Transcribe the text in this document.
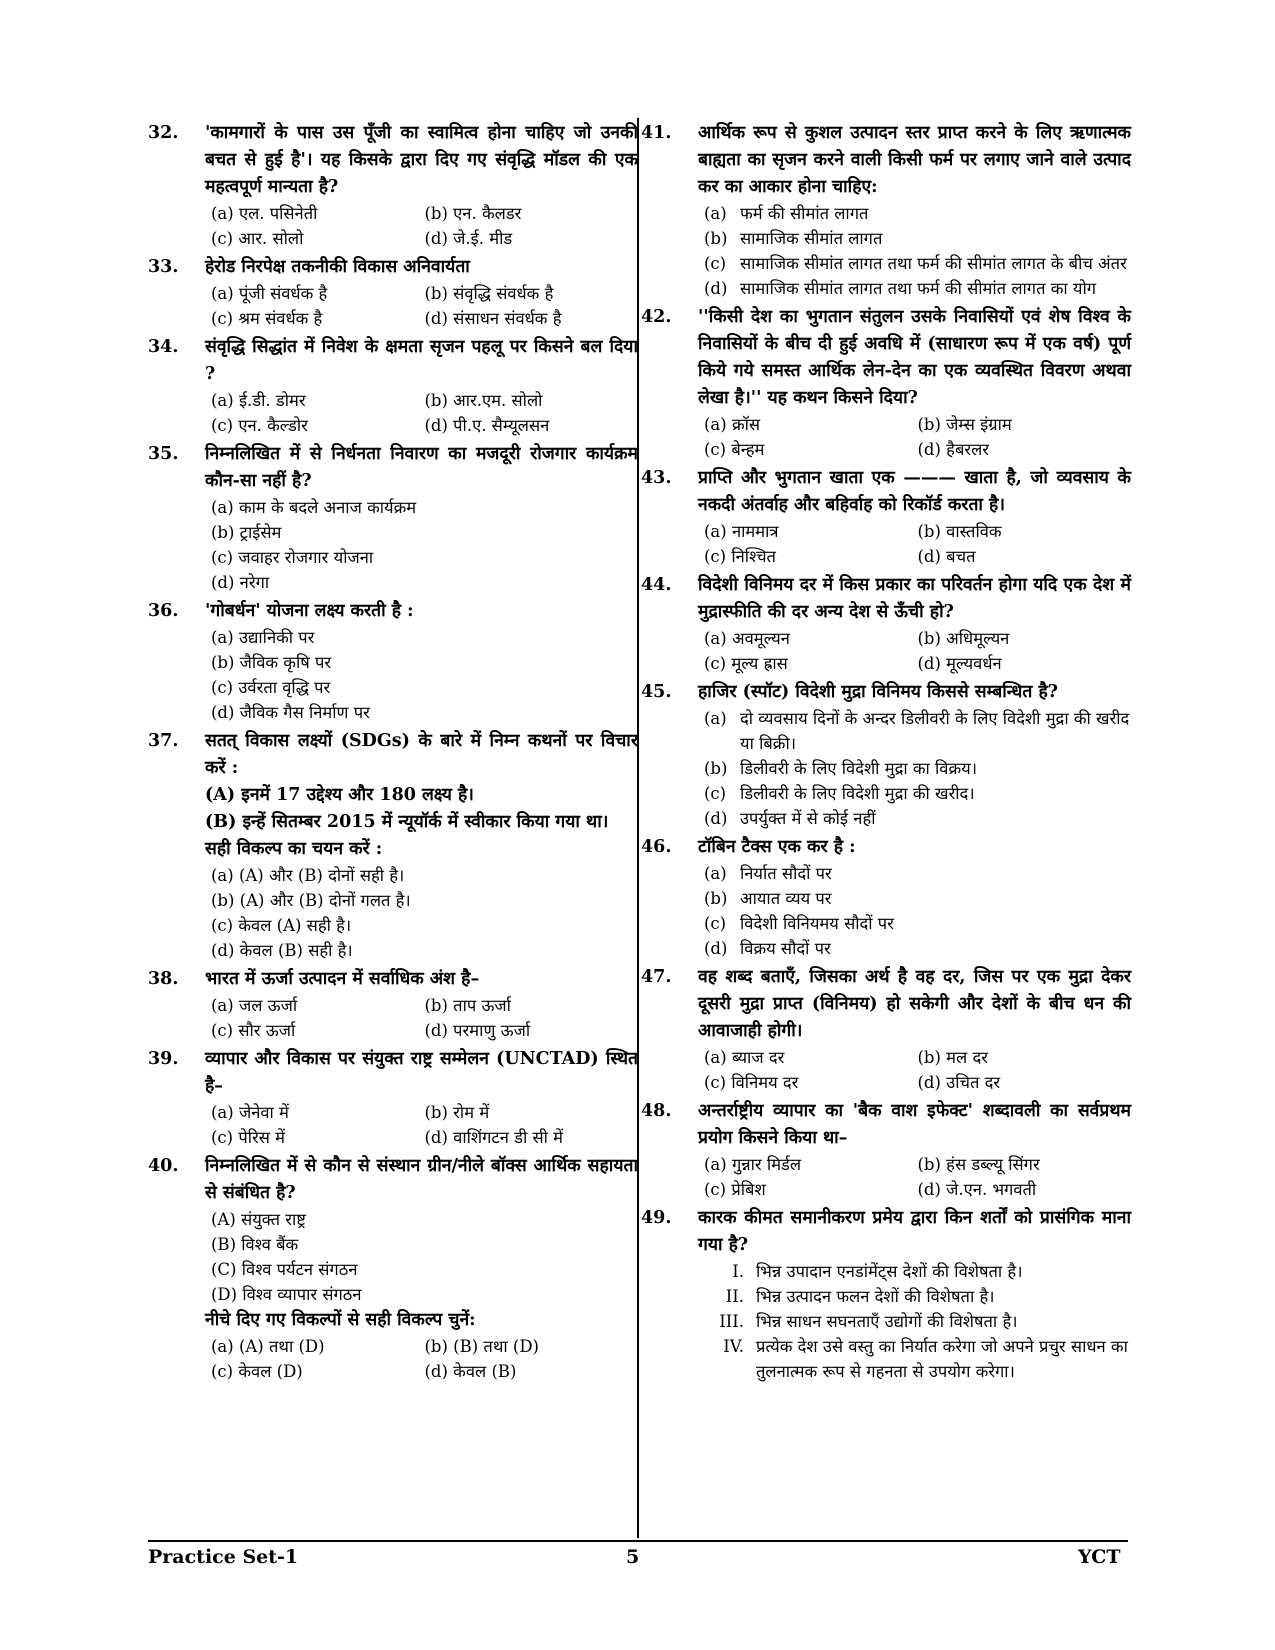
32. 'कामगारों के पास उस पूँजी का स्वामित्व होना चाहिए जो उनकी बचत से हुई है'। यह किसके द्वारा दिए गए संवृद्धि मॉडल की एक महत्वपूर्ण मान्यता है?
(a) एल. पसिनेती	(b) एन. कैलडर
(c) आर. सोलो	(d) जे.ई. मीड
33. हेरोड निरपेक्ष तकनीकी विकास अनिवार्यता
(a) पूंजी संवर्धक है	(b) संवृद्धि संवर्धक है
(c) श्रम संवर्धक है	(d) संसाधन संवर्धक है
34. संवृद्धि सिद्धांत में निवेश के क्षमता सृजन पहलू पर किसने बल दिया ?
(a) ई.डी. डोमर	(b) आर.एम. सोलो
(c) एन. कैल्डोर	(d) पी.ए. सैम्यूलसन
35. निम्नलिखित में से निर्धनता निवारण का मजदूरी रोजगार कार्यक्रम कौन-सा नहीं है?
(a) काम के बदले अनाज कार्यक्रम
(b) ट्राईसेम
(c) जवाहर रोजगार योजना
(d) नरेगा
36. 'गोबर्धन' योजना लक्ष्य करती है :
(a) उद्यानिकी पर
(b) जैविक कृषि पर
(c) उर्वरता वृद्धि पर
(d) जैविक गैस निर्माण पर
37. सतत् विकास लक्ष्यों (SDGs) के बारे में निम्न कथनों पर विचार करें :
(A) इनमें 17 उद्देश्य और 180 लक्ष्य है।
(B) इन्हें सितम्बर 2015 में न्यूयॉर्क में स्वीकार किया गया था।
सही विकल्प का चयन करें :
(a) (A) और (B) दोनों सही है।
(b) (A) और (B) दोनों गलत है।
(c) केवल (A) सही है।
(d) केवल (B) सही है।
38. भारत में ऊर्जा उत्पादन में सर्वाधिक अंश है–
(a) जल ऊर्जा	(b) ताप ऊर्जा
(c) सौर ऊर्जा	(d) परमाणु ऊर्जा
39. व्यापार और विकास पर संयुक्त राष्ट्र सम्मेलन (UNCTAD) स्थित है–
(a) जेनेवा में	(b) रोम में
(c) पेरिस में	(d) वाशिंगटन डी सी में
40. निम्नलिखित में से कौन से संस्थान ग्रीन/नीले बॉक्स आर्थिक सहायता से संबंधित है?
(A) संयुक्त राष्ट्र
(B) विश्व बैंक
(C) विश्व पर्यटन संगठन
(D) विश्व व्यापार संगठन
नीचे दिए गए विकल्पों से सही विकल्प चुनें:
(a) (A) तथा (D)	(b) (B) तथा (D)
(c) केवल (D)	(d) केवल (B)
41. आर्थिक रूप से कुशल उत्पादन स्तर प्राप्त करने के लिए ऋणात्मक बाह्यता का सृजन करने वाली किसी फर्म पर लगाए जाने वाले उत्पाद कर का आकार होना चाहिए:
(a) फर्म की सीमांत लागत
(b) सामाजिक सीमांत लागत
(c) सामाजिक सीमांत लागत तथा फर्म की सीमांत लागत के बीच अंतर
(d) सामाजिक सीमांत लागत तथा फर्म की सीमांत लागत का योग
42. ''किसी देश का भुगतान संतुलन उसके निवासियों एवं शेष विश्व के निवासियों के बीच दी हुई अवधि में (साधारण रूप में एक वर्ष) पूर्ण किये गये समस्त आर्थिक लेन-देन का एक व्यवस्थित विवरण अथवा लेखा है।'' यह कथन किसने दिया?
(a) क्रॉस	(b) जेम्स इंग्राम
(c) बेन्हम	(d) हैबरलर
43. प्राप्ति और भुगतान खाता एक ——— खाता है, जो व्यवसाय के नकदी अंतर्वाह और बहिर्वाह को रिकॉर्ड करता है।
(a) नाममात्र	(b) वास्तविक
(c) निश्चित	(d) बचत
44. विदेशी विनिमय दर में किस प्रकार का परिवर्तन होगा यदि एक देश में मुद्रास्फीति की दर अन्य देश से ऊँची हो?
(a) अवमूल्यन	(b) अधिमूल्यन
(c) मूल्य ह्रास	(d) मूल्यवर्धन
45. हाजिर (स्पॉट) विदेशी मुद्रा विनिमय किससे सम्बन्धित है?
(a) दो व्यवसाय दिनों के अन्दर डिलीवरी के लिए विदेशी मुद्रा की खरीद या बिक्री।
(b) डिलीवरी के लिए विदेशी मुद्रा का विक्रय।
(c) डिलीवरी के लिए विदेशी मुद्रा की खरीद।
(d) उपर्युक्त में से कोई नहीं
46. टॉबिन टैक्स एक कर है :
(a) निर्यात सौदों पर
(b) आयात व्यय पर
(c) विदेशी विनियमय सौदों पर
(d) विक्रय सौदों पर
47. वह शब्द बताएँ, जिसका अर्थ है वह दर, जिस पर एक मुद्रा देकर दूसरी मुद्रा प्राप्त (विनिमय) हो सकेगी और देशों के बीच धन की आवाजाही होगी।
(a) ब्याज दर	(b) मल दर
(c) विनिमय दर	(d) उचित दर
48. अन्तर्राष्ट्रीय व्यापार का 'बैक वाश इफेक्ट' शब्दावली का सर्वप्रथम प्रयोग किसने किया था–
(a) गुन्नार मिर्डल	(b) हंस डब्ल्यू सिंगर
(c) प्रेबिश	(d) जे.एन. भगवती
49. कारक कीमत समानीकरण प्रमेय द्वारा किन शर्तों को प्रासंगिक माना गया है?
I. भिन्न उपादान एनडांमेंट्स देशों की विशेषता है।
II. भिन्न उत्पादन फलन देशों की विशेषता है।
III. भिन्न साधन सघनताएँ उद्योगों की विशेषता है।
IV. प्रत्येक देश उसे वस्तु का निर्यात करेगा जो अपने प्रचुर साधन का तुलनात्मक रूप से गहनता से उपयोग करेगा।
Practice Set-1	5	YCT
